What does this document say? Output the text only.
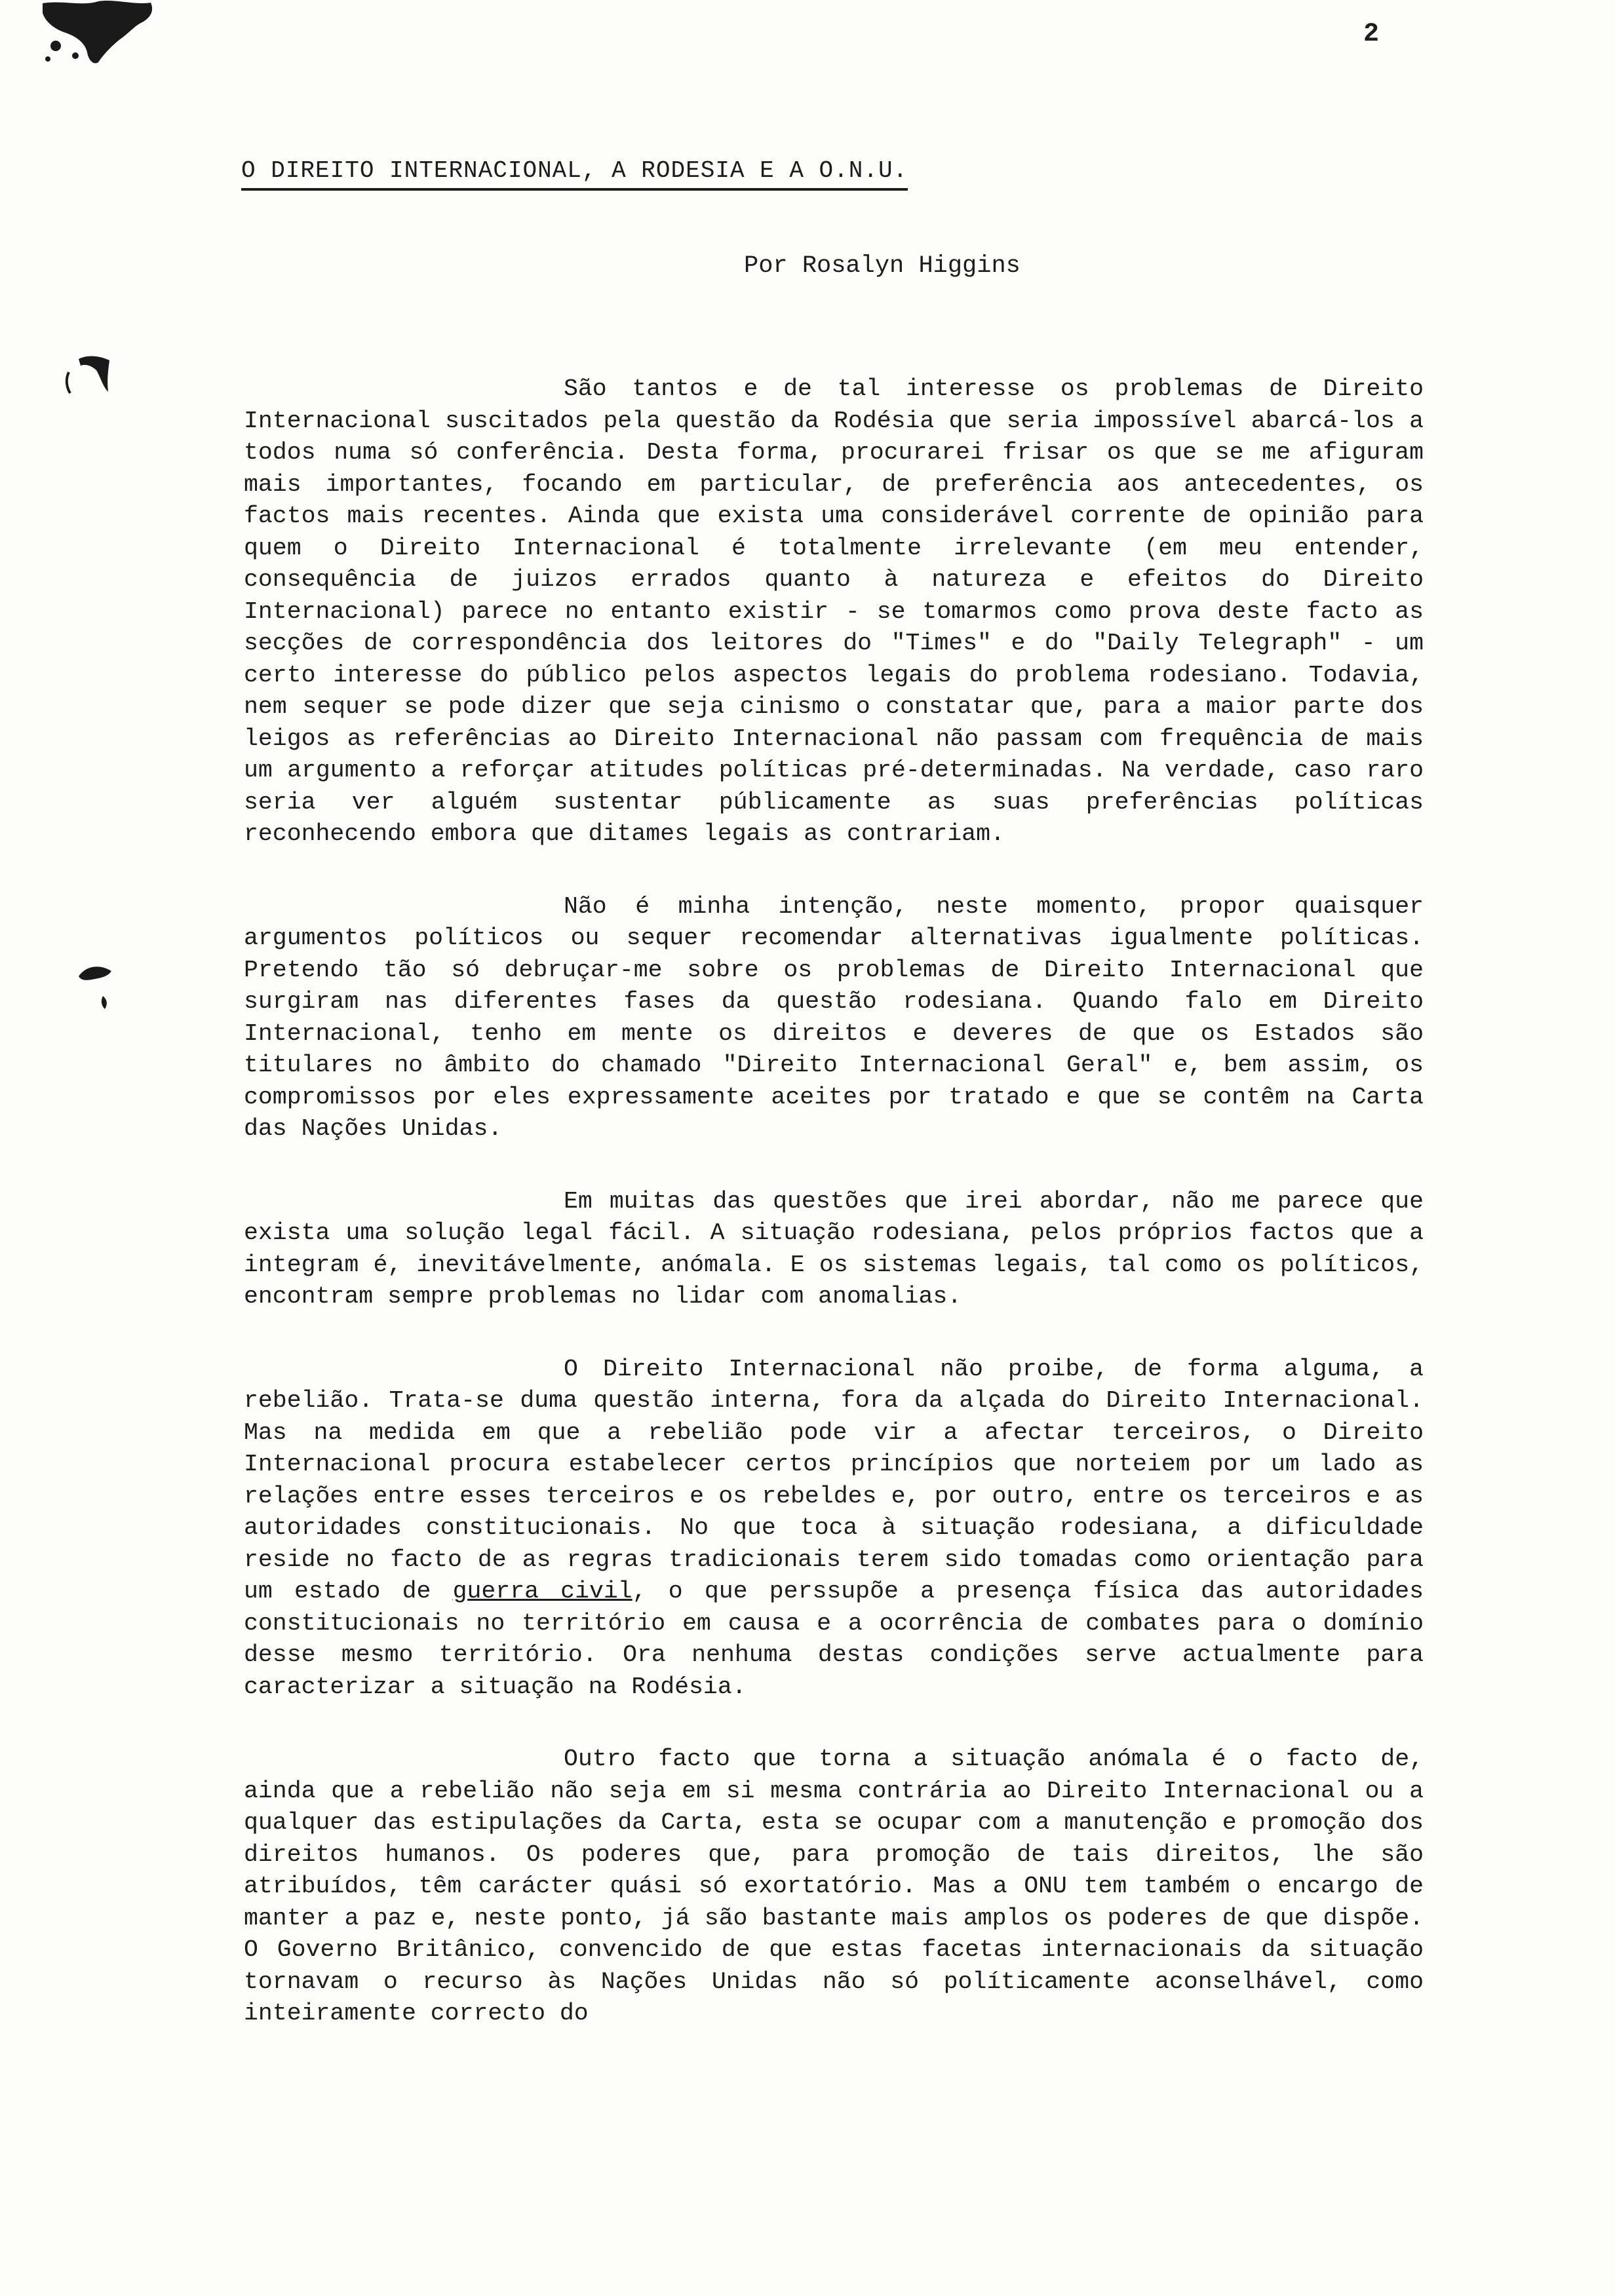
2
O DIREITO INTERNACIONAL, A RODESIA E A O.N.U.
Por Rosalyn Higgins

São tantos e de tal interesse os problemas de Direito Internacional suscitados pela questão da Rodésia que seria impossível abarcá-los a todos numa só conferência. Desta forma, procurarei frisar os que se me afiguram mais importantes, focando em particular, de preferência aos antecedentes, os factos mais recentes. Ainda que exista uma considerável corrente de opinião para quem o Direito Internacional é totalmente irrelevante (em meu entender, consequência de juizos errados quanto à natureza e efeitos do Direito Internacional) parece no entanto existir - se tomarmos como prova deste facto as secções de correspondência dos leitores do "Times" e do "Daily Telegraph" - um certo interesse do público pelos aspectos legais do problema rodesiano. Todavia, nem sequer se pode dizer que seja cinismo o constatar que, para a maior parte dos leigos as referências ao Direito Internacional não passam com frequência de mais um argumento a reforçar atitudes políticas pré-determinadas. Na verdade, caso raro seria ver alguém sustentar públicamente as suas preferências políticas reconhecendo embora que ditames legais as contrariam.

Não é minha intenção, neste momento, propor quaisquer argumentos políticos ou sequer recomendar alternativas igualmente políticas. Pretendo tão só debruçar-me sobre os problemas de Direito Internacional que surgiram nas diferentes fases da questão rodesiana. Quando falo em Direito Internacional, tenho em mente os direitos e deveres de que os Estados são titulares no âmbito do chamado "Direito Internacional Geral" e, bem assim, os compromissos por eles expressamente aceites por tratado e que se contêm na Carta das Nações Unidas.

Em muitas das questões que irei abordar, não me parece que exista uma solução legal fácil. A situação rodesiana, pelos próprios factos que a integram é, inevitávelmente, anómala. E os sistemas legais, tal como os políticos, encontram sempre problemas no lidar com anomalias.

O Direito Internacional não proibe, de forma alguma, a rebelião. Trata-se duma questão interna, fora da alçada do Direito Internacional. Mas na medida em que a rebelião pode vir a afectar terceiros, o Direito Internacional procura estabelecer certos princípios que norteiem por um lado as relações entre esses terceiros e os rebeldes e, por outro, entre os terceiros e as autoridades constitucionais. No que toca à situação rodesiana, a dificuldade reside no facto de as regras tradicionais terem sido tomadas como orientação para um estado de guerra civil, o que perssupõe a presença física das autoridades constitucionais no território em causa e a ocorrência de combates para o domínio desse mesmo território. Ora nenhuma destas condições serve actualmente para caracterizar a situação na Rodésia.

Outro facto que torna a situação anómala é o facto de, ainda que a rebelião não seja em si mesma contrária ao Direito Internacional ou a qualquer das estipulações da Carta, esta se ocupar com a manutenção e promoção dos direitos humanos. Os poderes que, para promoção de tais direitos, lhe são atribuídos, têm carácter quási só exortatório. Mas a ONU tem também o encargo de manter a paz e, neste ponto, já são bastante mais amplos os poderes de que dispõe. O Governo Britânico, convencido de que estas facetas internacionais da situação tornavam o recurso às Nações Unidas não só políticamente aconselhável, como inteiramente correcto do
